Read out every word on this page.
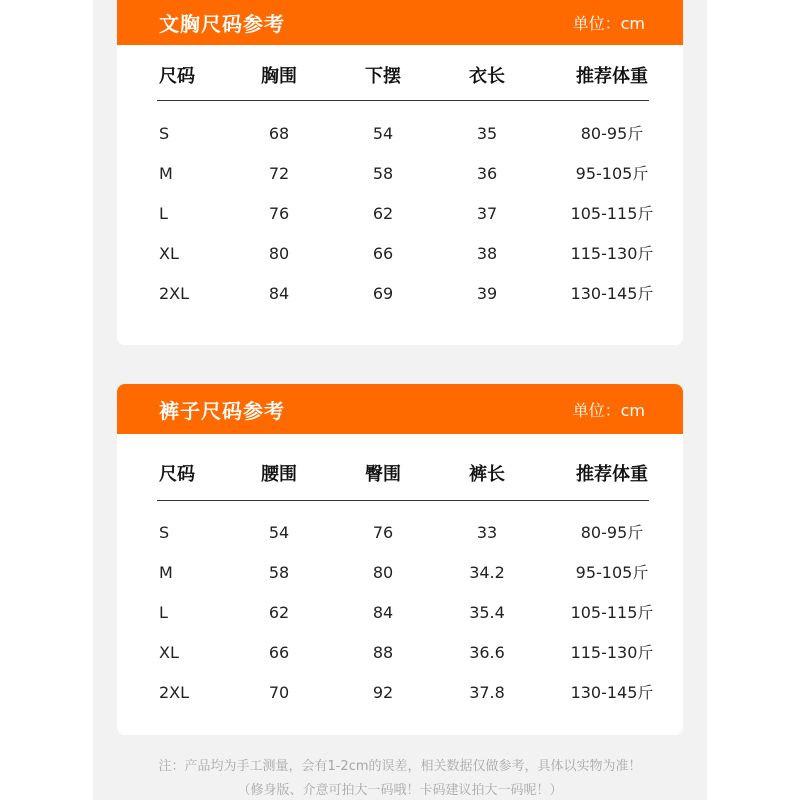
文胸尺码参考	单位：cm
尺码	胸围	下摆	衣长	推荐体重
S	68	54	35	80-95斤
M	72	58	36	95-105斤
L	76	62	37	105-115斤
XL	80	66	38	115-130斤
2XL	84	69	39	130-145斤
裤子尺码参考	单位：cm
尺码	腰围	臀围	裤长	推荐体重
S	54	76	33	80-95斤
M	58	80	34.2	95-105斤
L	62	84	35.4	105-115斤
XL	66	88	36.6	115-130斤
2XL	70	92	37.8	130-145斤
注：产品均为手工测量，会有1-2cm的误差，相关数据仅做参考，具体以实物为准！
（修身版、介意可拍大一码哦！卡码建议拍大一码呢！）
